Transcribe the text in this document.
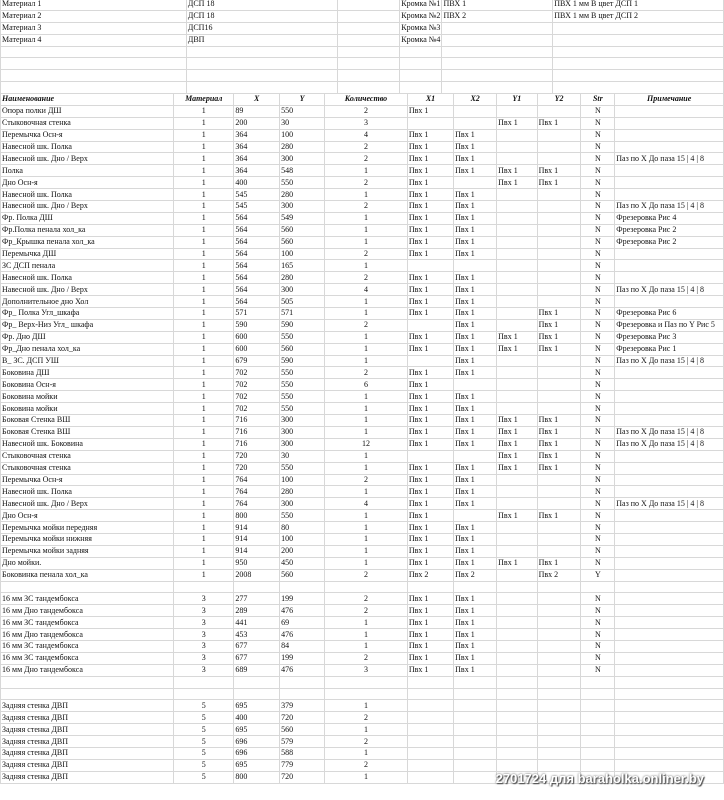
Материал 1	ДСП 18		Кромка №1	ПВХ 1	ПВХ 1 мм В цвет ДСП 1
Материал 2	ДСП 18		Кромка №2	ПВХ 2	ПВХ 1 мм В цвет ДСП 2
Материал 3	ДСП16		Кромка №3		
Материал 4	ДВП		Кромка №4		

Наименование	Материал	X	Y	Количество	X1	X2	Y1	Y2	Str	Примечание
Опора полки ДШ	1	89	550	2	Пвх 1				N	
Стыковочная стенка	1	200	30	3			Пвх 1	Пвх 1	N	
Перемычка Осн-я	1	364	100	4	Пвх 1	Пвх 1			N	
Навесной шк. Полка	1	364	280	2	Пвх 1	Пвх 1			N	
Навесной шк. Дно / Верх	1	364	300	2	Пвх 1	Пвх 1			N	Паз по X До паза 15 | 4 | 8
Полка	1	364	548	1	Пвх 1	Пвх 1	Пвх 1	Пвх 1	N	
Дно Осн-я	1	400	550	2	Пвх 1		Пвх 1	Пвх 1	N	
Навесной шк. Полка	1	545	280	1	Пвх 1	Пвх 1			N	
Навесной шк. Дно / Верх	1	545	300	2	Пвх 1	Пвх 1			N	Паз по X До паза 15 | 4 | 8
Фр. Полка ДШ	1	564	549	1	Пвх 1	Пвх 1			N	Фрезеровка Рис 4
Фр.Полка пенала хол_ка	1	564	560	1	Пвх 1	Пвх 1			N	Фрезеровка Рис 2
Фр_Крышка пенала хол_ка	1	564	560	1	Пвх 1	Пвх 1			N	Фрезеровка Рис 2
Перемычка ДШ	1	564	100	2	Пвх 1	Пвх 1			N	
ЗС ДСП пенала	1	564	165	1					N	
Навесной шк. Полка	1	564	280	2	Пвх 1	Пвх 1			N	
Навесной шк. Дно / Верх	1	564	300	4	Пвх 1	Пвх 1			N	Паз по X До паза 15 | 4 | 8
Дополнительное дно Хол	1	564	505	1	Пвх 1	Пвх 1			N	
Фр_ Полка Угл_шкафа	1	571	571	1	Пвх 1	Пвх 1		Пвх 1	N	Фрезеровка Рис 6
Фр_ Верх-Низ Угл_ шкафа	1	590	590	2		Пвх 1		Пвх 1	N	Фрезеровка и Паз по Y Рис 5
Фр. Дно ДШ	1	600	550	1	Пвх 1	Пвх 1	Пвх 1	Пвх 1	N	Фрезеровка Рис 3
Фр_Дно пенала хол_ка	1	600	560	1	Пвх 1	Пвх 1	Пвх 1	Пвх 1	N	Фрезеровка Рис 1
В_ ЗС. ДСП УШ	1	679	590	1		Пвх 1			N	Паз по X До паза 15 | 4 | 8
Боковина ДШ	1	702	550	2	Пвх 1	Пвх 1			N	
Боковина Осн-я	1	702	550	6	Пвх 1				N	
Боковина мойки	1	702	550	1	Пвх 1	Пвх 1			N	
Боковина мойки	1	702	550	1	Пвх 1	Пвх 1			N	
Боковая Стенка ВШ	1	716	300	1	Пвх 1	Пвх 1	Пвх 1	Пвх 1	N	
Боковая Стенка ВШ	1	716	300	1	Пвх 1	Пвх 1	Пвх 1	Пвх 1	N	Паз по X До паза 15 | 4 | 8
Навесной шк. Боковина	1	716	300	12	Пвх 1	Пвх 1	Пвх 1	Пвх 1	N	Паз по X До паза 15 | 4 | 8
Стыковочная стенка	1	720	30	1			Пвх 1	Пвх 1	N	
Стыковочная стенка	1	720	550	1	Пвх 1	Пвх 1	Пвх 1	Пвх 1	N	
Перемычка Осн-я	1	764	100	2	Пвх 1	Пвх 1			N	
Навесной шк. Полка	1	764	280	1	Пвх 1	Пвх 1			N	
Навесной шк. Дно / Верх	1	764	300	4	Пвх 1	Пвх 1			N	Паз по X До паза 15 | 4 | 8
Дно Осн-я	1	800	550	1	Пвх 1		Пвх 1	Пвх 1	N	
Перемычка мойки передняя	1	914	80	1	Пвх 1	Пвх 1			N	
Перемычка мойки нижняя	1	914	100	1	Пвх 1	Пвх 1			N	
Перемычка мойки задняя	1	914	200	1	Пвх 1	Пвх 1			N	
Дно мойки.	1	950	450	1	Пвх 1	Пвх 1	Пвх 1	Пвх 1	N	
Боковинка пенала хол_ка	1	2008	560	2	Пвх 2	Пвх 2		Пвх 2	Y	

16 мм ЗС тандембокса	3	277	199	2	Пвх 1	Пвх 1			N	
16 мм Дно тандембокса	3	289	476	2	Пвх 1	Пвх 1			N	
16 мм ЗС тандембокса	3	441	69	1	Пвх 1	Пвх 1			N	
16 мм Дно тандембокса	3	453	476	1	Пвх 1	Пвх 1			N	
16 мм ЗС тандембокса	3	677	84	1	Пвх 1	Пвх 1			N	
16 мм ЗС тандембокса	3	677	199	2	Пвх 1	Пвх 1			N	
16 мм Дно тандембокса	3	689	476	3	Пвх 1	Пвх 1			N	

Задняя стенка ДВП	5	695	379	1						
Задняя стенка ДВП	5	400	720	2						
Задняя стенка ДВП	5	695	560	1						
Задняя стенка ДВП	5	696	579	2						
Задняя стенка ДВП	5	696	588	1						
Задняя стенка ДВП	5	695	779	2						
Задняя стенка ДВП	5	800	720	1							2701724 для baraholka.onliner.by
